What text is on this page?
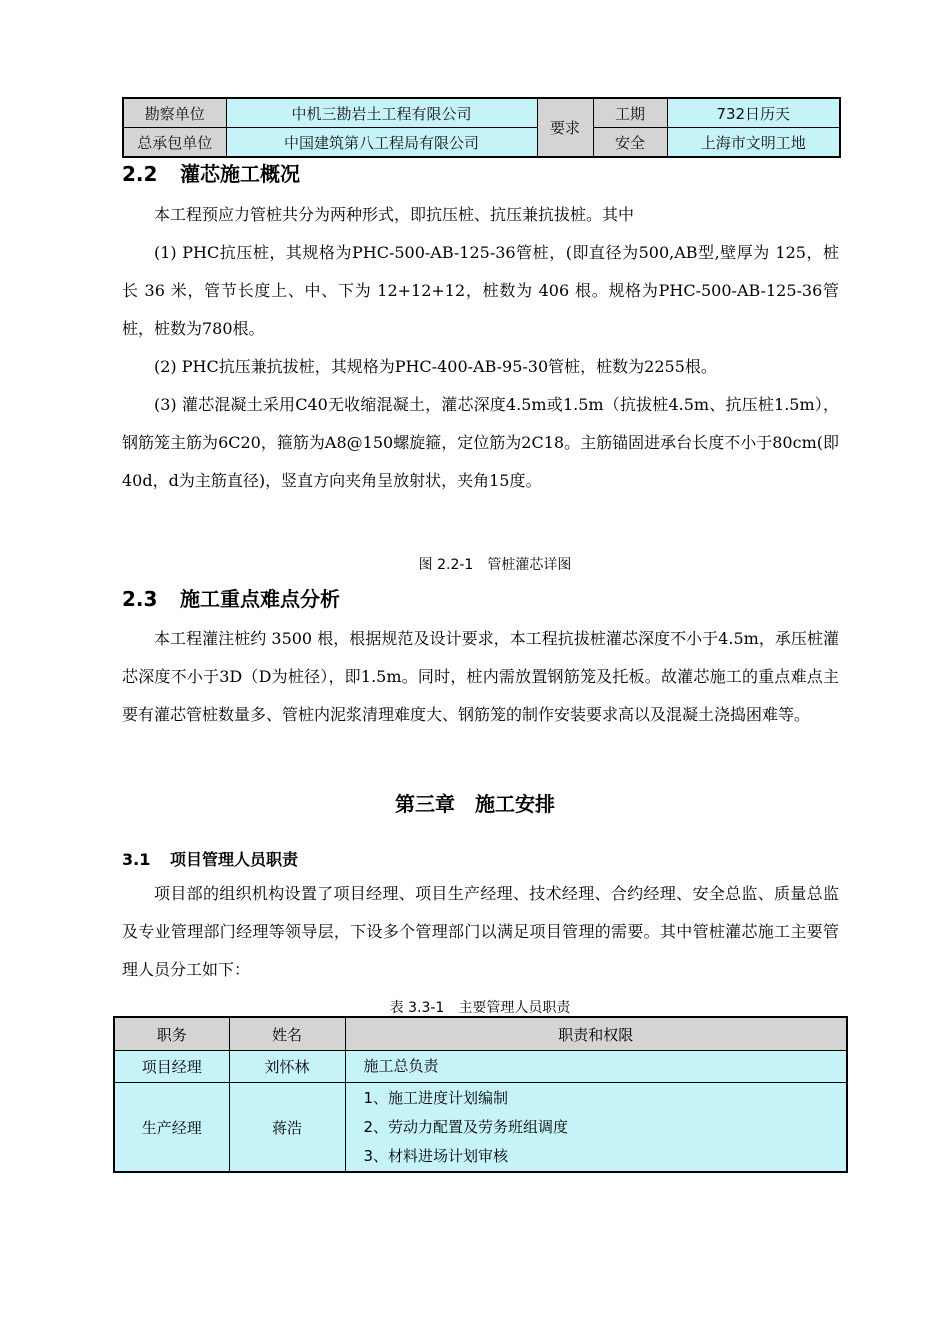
勘察单位	中机三勘岩土工程有限公司	要求	工期	732日历天
总承包单位	中国建筑第八工程局有限公司		安全	上海市文明工地
2.2 灌芯施工概况

本工程预应力管桩共分为两种形式，即抗压桩、抗压兼抗拔桩。其中

(1) PHC抗压桩，其规格为PHC-500-AB-125-36管桩，(即直径为500,AB型,壁厚为 125，桩长 36 米，管节长度上、中、下为 12+12+12，桩数为 406 根。规格为PHC-500-AB-125-36管桩，桩数为780根。

(2) PHC抗压兼抗拔桩，其规格为PHC-400-AB-95-30管桩，桩数为2255根。

(3) 灌芯混凝土采用C40无收缩混凝土，灌芯深度4.5m或1.5m（抗拔桩4.5m、抗压桩1.5m），钢筋笼主筋为6C20，箍筋为A8@150螺旋箍，定位筋为2C18。主筋锚固进承台长度不小于80cm(即40d，d为主筋直径)，竖直方向夹角呈放射状，夹角15度。

图 2.2-1　管桩灌芯详图
2.3 施工重点难点分析

本工程灌注桩约 3500 根，根据规范及设计要求，本工程抗拔桩灌芯深度不小于4.5m，承压桩灌芯深度不小于3D（D为桩径），即1.5m。同时，桩内需放置钢筋笼及托板。故灌芯施工的重点难点主要有灌芯管桩数量多、管桩内泥浆清理难度大、钢筋笼的制作安装要求高以及混凝土浇捣困难等。

第三章　施工安排
3.1 项目管理人员职责

项目部的组织机构设置了项目经理、项目生产经理、技术经理、合约经理、安全总监、质量总监及专业管理部门经理等领导层，下设多个管理部门以满足项目管理的需要。其中管桩灌芯施工主要管理人员分工如下：

表 3.3-1　主要管理人员职责
职务	姓名	职责和权限
项目经理	刘怀林	施工总负责

生产经理	蒋浩	1、施工进度计划编制
2、劳动力配置及劳务班组调度
3、材料进场计划审核
